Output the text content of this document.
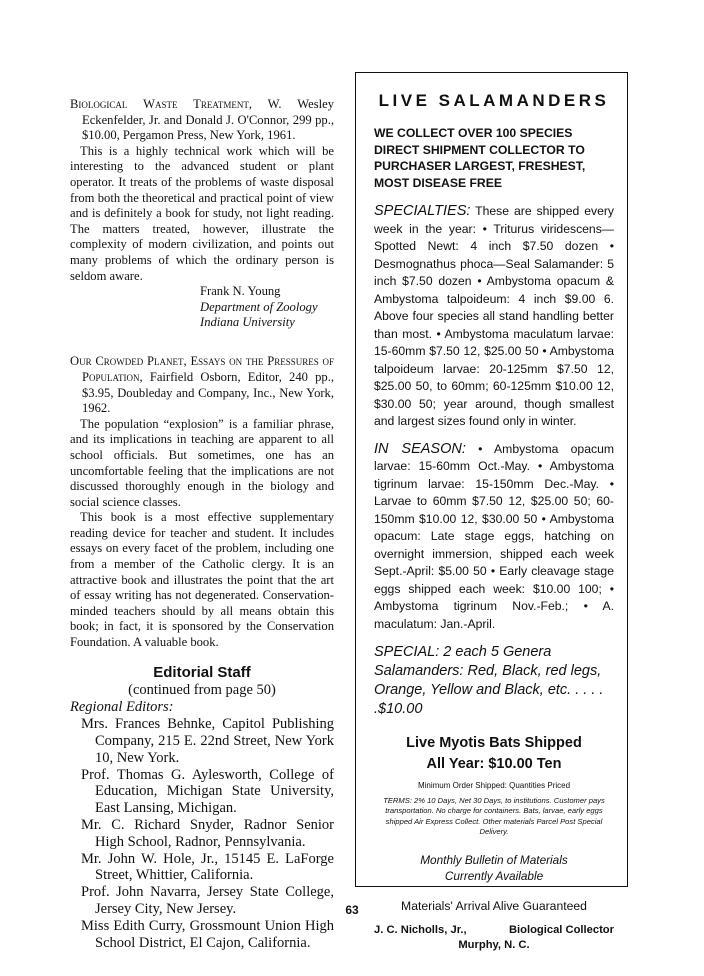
Biological Waste Treatment, W. Wesley Eckenfelder, Jr. and Donald J. O'Connor, 299 pp., $10.00, Pergamon Press, New York, 1961.

This is a highly technical work which will be interesting to the advanced student or plant operator. It treats of the problems of waste disposal from both the theoretical and practical point of view and is definitely a book for study, not light reading. The matters treated, however, illustrate the complexity of modern civilization, and points out many problems of which the ordinary person is seldom aware.

Frank N. Young
Department of Zoology
Indiana University

Our Crowded Planet, Essays on the Pressures of Population, Fairfield Osborn, Editor, 240 pp., $3.95, Doubleday and Company, Inc., New York, 1962.

The population “explosion” is a familiar phrase, and its implications in teaching are apparent to all school officials. But sometimes, one has an uncomfortable feeling that the implications are not discussed thoroughly enough in the biology and social science classes.

This book is a most effective supplementary reading device for teacher and student. It includes essays on every facet of the problem, including one from a member of the Catholic clergy. It is an attractive book and illustrates the point that the art of essay writing has not degenerated. Conservation-minded teachers should by all means obtain this book; in fact, it is sponsored by the Conservation Foundation. A valuable book.

Editorial Staff
(continued from page 50)
Regional Editors:
Mrs. Frances Behnke, Capitol Publishing Company, 215 E. 22nd Street, New York 10, New York.
Prof. Thomas G. Aylesworth, College of Education, Michigan State University, East Lansing, Michigan.
Mr. C. Richard Snyder, Radnor Senior High School, Radnor, Pennsylvania.
Mr. John W. Hole, Jr., 15145 E. LaForge Street, Whittier, California.
Prof. John Navarra, Jersey State College, Jersey City, New Jersey.
Miss Edith Curry, Grossmount Union High School District, El Cajon, California.
LIVE SALAMANDERS
WE COLLECT OVER 100 SPECIES DIRECT SHIPMENT COLLECTOR TO PURCHASER LARGEST, FRESHEST, MOST DISEASE FREE
SPECIALTIES: These are shipped every week in the year: • Triturus viridescens—Spotted Newt: 4 inch $7.50 dozen • Desmognathus phoca—Seal Salamander: 5 inch $7.50 dozen • Ambystoma opacum & Ambystoma talpoideum: 4 inch $9.00 6. Above four species all stand handling better than most. • Ambystoma maculatum larvae: 15-60mm $7.50 12, $25.00 50 • Ambystoma talpoideum larvae: 20-125mm $7.50 12, $25.00 50, to 60mm; 60-125mm $10.00 12, $30.00 50; year around, though smallest and largest sizes found only in winter.
IN SEASON: • Ambystoma opacum larvae: 15-60mm Oct.-May. • Ambystoma tigrinum larvae: 15-150mm Dec.-May. • Larvae to 60mm $7.50 12, $25.00 50; 60-150mm $10.00 12, $30.00 50 • Ambystoma opacum: Late stage eggs, hatching on overnight immersion, shipped each week Sept.-April: $5.00 50 • Early cleavage stage eggs shipped each week: $10.00 100; • Ambystoma tigrinum Nov.-Feb.; • A. maculatum: Jan.-April.
SPECIAL: 2 each 5 Genera Salamanders: Red, Black, red legs, Orange, Yellow and Black, etc. . . . . .$10.00
Live Myotis Bats Shipped
All Year: $10.00 Ten
Minimum Order Shipped: Quantities Priced
TERMS: 2% 10 Days, Net 30 Days, to institutions. Customer pays transportation. No charge for containers. Bats, larvae, early eggs shipped Air Express Collect. Other materials Parcel Post Special Delivery.
Monthly Bulletin of Materials
Currently Available
Materials' Arrival Alive Guaranteed
J. C. Nicholls, Jr.,	Biological Collector
Murphy, N. C.
63
